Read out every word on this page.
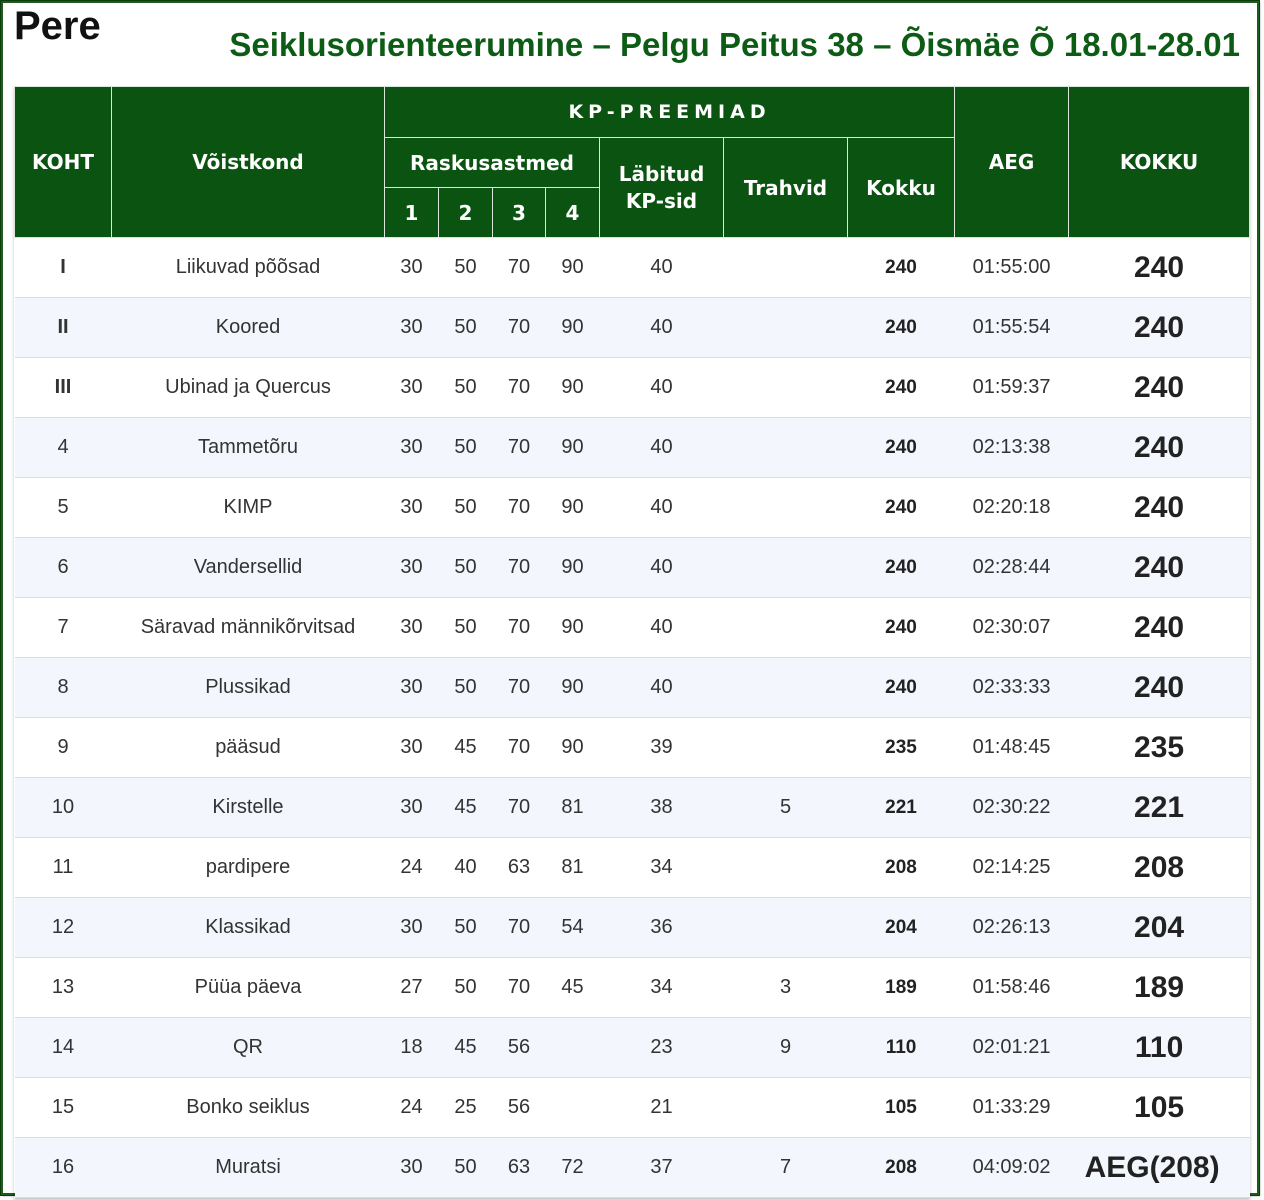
Pere	Seiklusorienteerumine – Pelgu Peitus 38 – Õismäe Õ 18.01-28.01
KOHT	Võistkond	KP-PREEMIAD							AEG	KOKKU
		Raskusastmed				Läbitud KP-sid	Trahvid	Kokku		
		1	2	3	4					
I	Liikuvad põõsad	30	50	70	90	40		240	01:55:00	240
II	Koored	30	50	70	90	40		240	01:55:54	240
III	Ubinad ja Quercus	30	50	70	90	40		240	01:59:37	240
4	Tammetõru	30	50	70	90	40		240	02:13:38	240
5	KIMP	30	50	70	90	40		240	02:20:18	240
6	Vandersellid	30	50	70	90	40		240	02:28:44	240
7	Säravad männikõrvitsad	30	50	70	90	40		240	02:30:07	240
8	Plussikad	30	50	70	90	40		240	02:33:33	240
9	pääsud	30	45	70	90	39		235	01:48:45	235
10	Kirstelle	30	45	70	81	38	5	221	02:30:22	221
11	pardipere	24	40	63	81	34		208	02:14:25	208
12	Klassikad	30	50	70	54	36		204	02:26:13	204
13	Püüa päeva	27	50	70	45	34	3	189	01:58:46	189
14	QR	18	45	56		23	9	110	02:01:21	110
15	Bonko seiklus	24	25	56		21		105	01:33:29	105
16	Muratsi	30	50	63	72	37	7	208	04:09:02	AEG(208)
